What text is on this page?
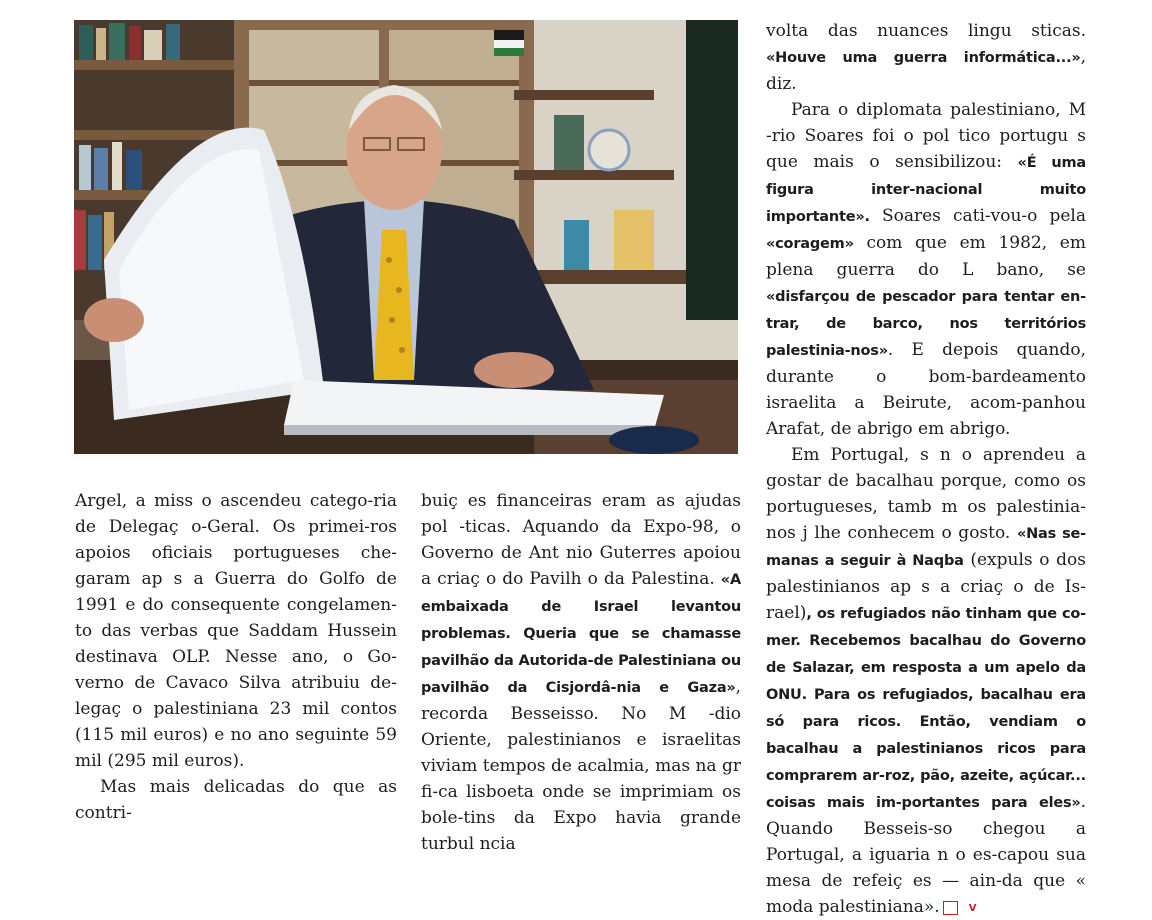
Argel, a miss o ascendeu catego-ria de Delegaç o-Geral. Os primei-ros apoios oficiais portugueses che-garam ap s a Guerra do Golfo de 1991 e do consequente congelamen-to das verbas que Saddam Hussein destinava OLP. Nesse ano, o Go-verno de Cavaco Silva atribuiu de-legaç o palestiniana 23 mil contos (115 mil euros) e no ano seguinte 59 mil (295 mil euros).

Mas mais delicadas do que as contri-

buiç es financeiras eram as ajudas pol -ticas. Aquando da Expo-98, o Governo de Ant nio Guterres apoiou a criaç o do Pavilh o da Palestina. «A embaixada de Israel levantou problemas. Queria que se chamasse pavilhão da Autorida-de Palestiniana ou pavilhão da Cisjordâ-nia e Gaza», recorda Besseisso. No M -dio Oriente, palestinianos e israelitas viviam tempos de acalmia, mas na gr fi-ca lisboeta onde se imprimiam os bole-tins da Expo havia grande turbul ncia

volta das nuances lingu sticas. «Houve uma guerra informática...», diz.

Para o diplomata palestiniano, M -rio Soares foi o pol tico portugu s que mais o sensibilizou: «É uma figura inter-nacional muito importante». Soares cati-vou-o pela «coragem» com que em 1982, em plena guerra do L bano, se «disfarçou de pescador para tentar en-trar, de barco, nos territórios palestinia-nos». E depois quando, durante o bom-bardeamento israelita a Beirute, acom-panhou Arafat, de abrigo em abrigo.

Em Portugal, s n o aprendeu a gostar de bacalhau porque, como os portugueses, tamb m os palestinia-nos j lhe conhecem o gosto. «Nas se-manas a seguir à Naqba (expuls o dos palestinianos ap s a criaç o de Is-rael), os refugiados não tinham que co-mer. Recebemos bacalhau do Governo de Salazar, em resposta a um apelo da ONU. Para os refugiados, bacalhau era só para ricos. Então, vendiam o bacalhau a palestinianos ricos para comprarem ar-roz, pão, azeite, açúcar... coisas mais im-portantes para eles». Quando Besseis-so chegou a Portugal, a iguaria n o es-capou sua mesa de refeiç es — ain-da que « moda palestiniana».	V
